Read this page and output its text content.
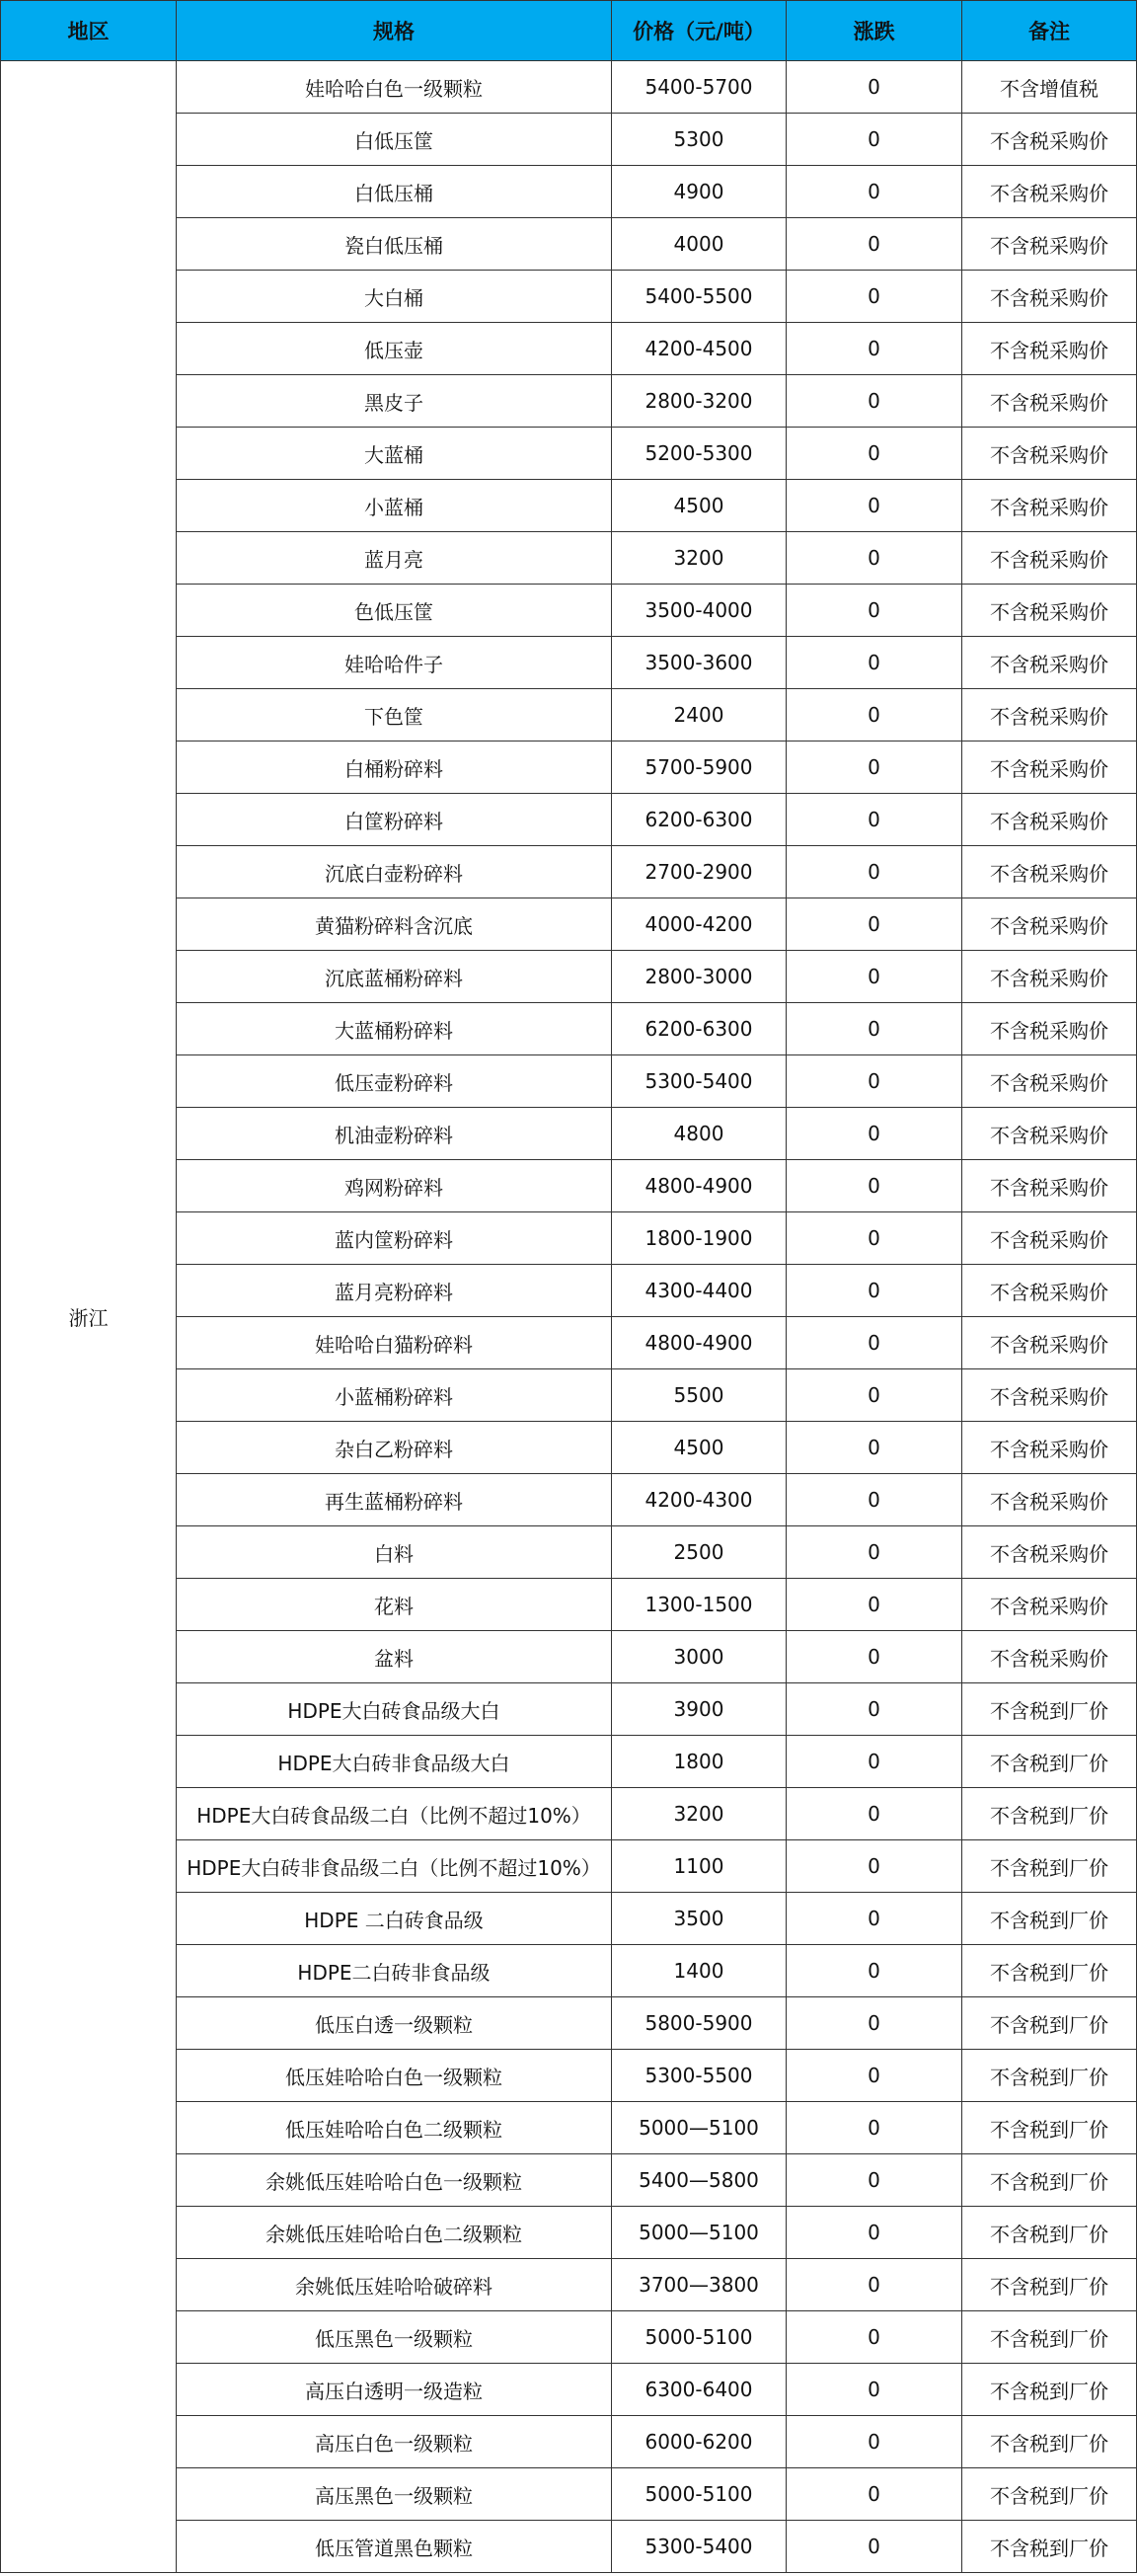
地区	规格	价格（元/吨）	涨跌	备注
浙江	娃哈哈白色一级颗粒	5400-5700	0	不含增值税
	白低压筐	5300	0	不含税采购价
	白低压桶	4900	0	不含税采购价
	瓷白低压桶	4000	0	不含税采购价
	大白桶	5400-5500	0	不含税采购价
	低压壶	4200-4500	0	不含税采购价
	黑皮子	2800-3200	0	不含税采购价
	大蓝桶	5200-5300	0	不含税采购价
	小蓝桶	4500	0	不含税采购价
	蓝月亮	3200	0	不含税采购价
	色低压筐	3500-4000	0	不含税采购价
	娃哈哈件子	3500-3600	0	不含税采购价
	下色筐	2400	0	不含税采购价
	白桶粉碎料	5700-5900	0	不含税采购价
	白筐粉碎料	6200-6300	0	不含税采购价
	沉底白壶粉碎料	2700-2900	0	不含税采购价
	黄猫粉碎料含沉底	4000-4200	0	不含税采购价
	沉底蓝桶粉碎料	2800-3000	0	不含税采购价
	大蓝桶粉碎料	6200-6300	0	不含税采购价
	低压壶粉碎料	5300-5400	0	不含税采购价
	机油壶粉碎料	4800	0	不含税采购价
	鸡网粉碎料	4800-4900	0	不含税采购价
	蓝内筐粉碎料	1800-1900	0	不含税采购价
	蓝月亮粉碎料	4300-4400	0	不含税采购价
	娃哈哈白猫粉碎料	4800-4900	0	不含税采购价
	小蓝桶粉碎料	5500	0	不含税采购价
	杂白乙粉碎料	4500	0	不含税采购价
	再生蓝桶粉碎料	4200-4300	0	不含税采购价
	白料	2500	0	不含税采购价
	花料	1300-1500	0	不含税采购价
	盆料	3000	0	不含税采购价
	HDPE大白砖食品级大白	3900	0	不含税到厂价
	HDPE大白砖非食品级大白	1800	0	不含税到厂价
	HDPE大白砖食品级二白（比例不超过10%）	3200	0	不含税到厂价
	HDPE大白砖非食品级二白（比例不超过10%）	1100	0	不含税到厂价
	HDPE 二白砖食品级	3500	0	不含税到厂价
	HDPE二白砖非食品级	1400	0	不含税到厂价
	低压白透一级颗粒	5800-5900	0	不含税到厂价
	低压娃哈哈白色一级颗粒	5300-5500	0	不含税到厂价
	低压娃哈哈白色二级颗粒	5000—5100	0	不含税到厂价
	余姚低压娃哈哈白色一级颗粒	5400—5800	0	不含税到厂价
	余姚低压娃哈哈白色二级颗粒	5000—5100	0	不含税到厂价
	余姚低压娃哈哈破碎料	3700—3800	0	不含税到厂价
	低压黑色一级颗粒	5000-5100	0	不含税到厂价
	高压白透明一级造粒	6300-6400	0	不含税到厂价
	高压白色一级颗粒	6000-6200	0	不含税到厂价
	高压黑色一级颗粒	5000-5100	0	不含税到厂价
	低压管道黑色颗粒	5300-5400	0	不含税到厂价
